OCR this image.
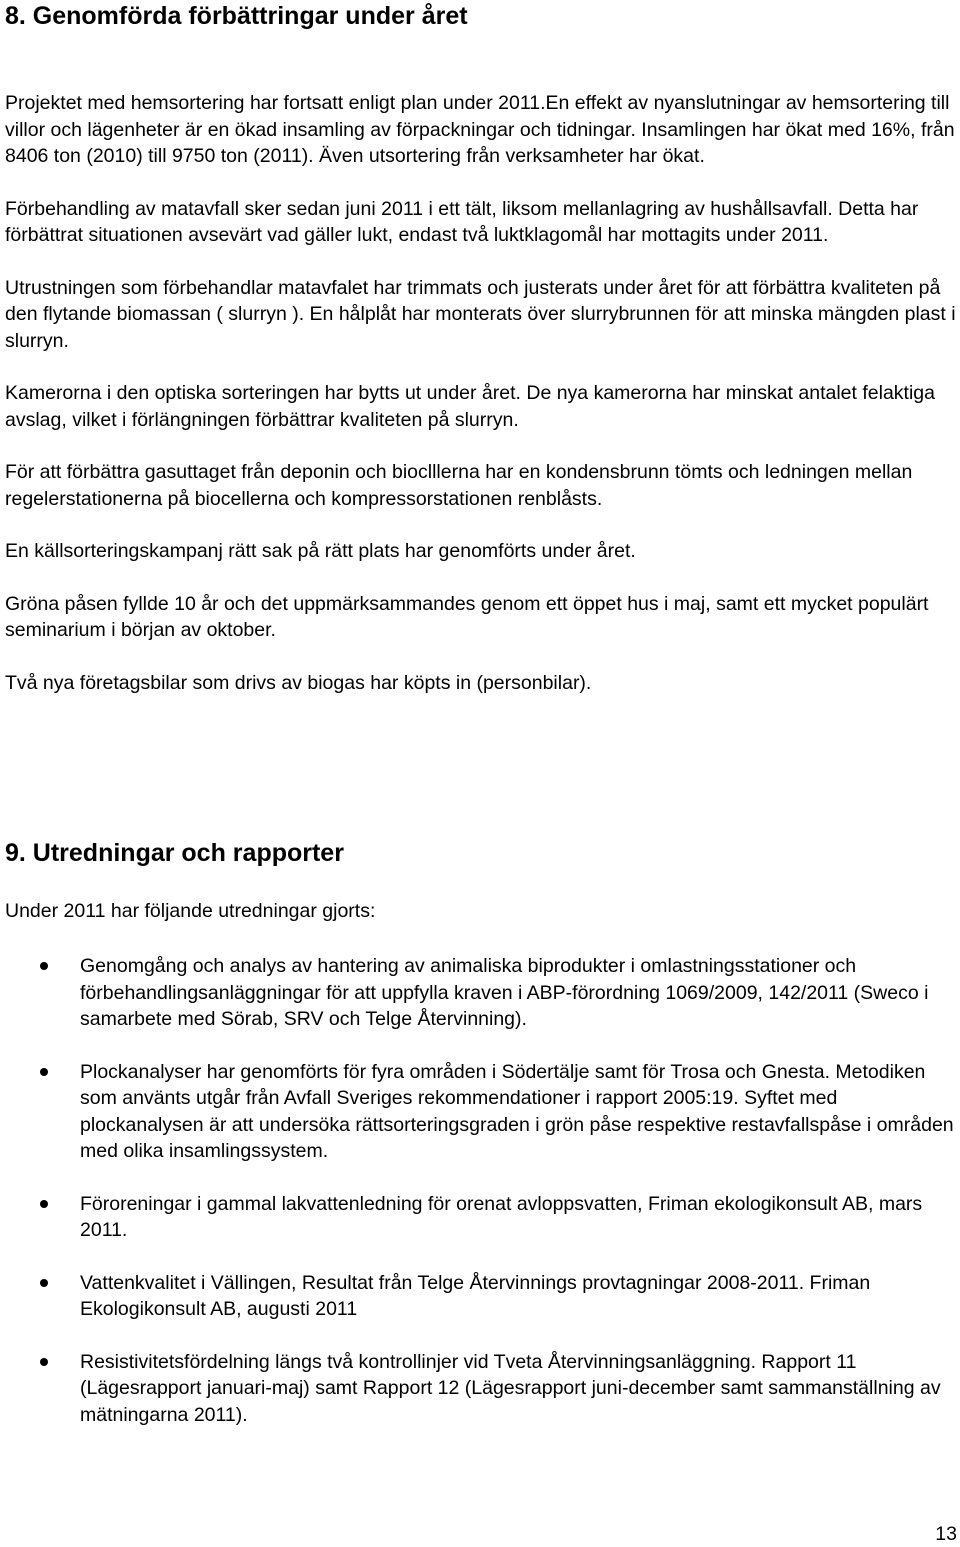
8. Genomförda förbättringar under året

Projektet med hemsortering har fortsatt enligt plan under 2011.En effekt av nyanslutningar av hemsortering till villor och lägenheter är en ökad insamling av förpackningar och tidningar. Insamlingen har ökat med 16%, från 8406 ton (2010) till 9750 ton (2011). Även utsortering från verksamheter har ökat.

Förbehandling av matavfall sker sedan juni 2011 i ett tält, liksom mellanlagring av hushållsavfall. Detta har förbättrat situationen avsevärt vad gäller lukt, endast två luktklagomål har mottagits under 2011.

Utrustningen som förbehandlar matavfalet har trimmats och justerats under året för att förbättra kvaliteten på den flytande biomassan ( slurryn ). En hålplåt har monterats över slurrybrunnen för att minska mängden plast i slurryn.

Kamerorna i den optiska sorteringen har bytts ut under året. De nya kamerorna har minskat antalet felaktiga avslag, vilket i förlängningen förbättrar kvaliteten på slurryn.

För att förbättra gasuttaget från deponin och bioclllerna har en kondensbrunn tömts och ledningen mellan regelerstationerna på biocellerna och kompressorstationen renblåsts.

En källsorteringskampanj rätt sak på rätt plats har genomförts under året.

Gröna påsen fyllde 10 år och det uppmärksammandes genom ett öppet hus i maj, samt ett mycket populärt seminarium i början av oktober.

Två nya företagsbilar som drivs av biogas har köpts in (personbilar).

9. Utredningar och rapporter

Under 2011 har följande utredningar gjorts:

Genomgång och analys av hantering av animaliska biprodukter i omlastningsstationer och förbehandlingsanläggningar för att uppfylla kraven i ABP-förordning 1069/2009, 142/2011 (Sweco i samarbete med Sörab, SRV och Telge Återvinning).
Plockanalyser har genomförts för fyra områden i Södertälje samt för Trosa och Gnesta. Metodiken som använts utgår från Avfall Sveriges rekommendationer i rapport 2005:19. Syftet med plockanalysen är att undersöka rättsorteringsgraden i grön påse respektive restavfallspåse i områden med olika insamlingssystem.
Föroreningar i gammal lakvattenledning för orenat avloppsvatten, Friman ekologikonsult AB, mars 2011.
Vattenkvalitet i Vällingen, Resultat från Telge Återvinnings provtagningar 2008-2011. Friman Ekologikonsult AB, augusti 2011
Resistivitetsfördelning längs två kontrollinjer vid Tveta Återvinningsanläggning. Rapport 11 (Lägesrapport januari-maj) samt Rapport 12 (Lägesrapport juni-december samt sammanställning av mätningarna 2011).
13
